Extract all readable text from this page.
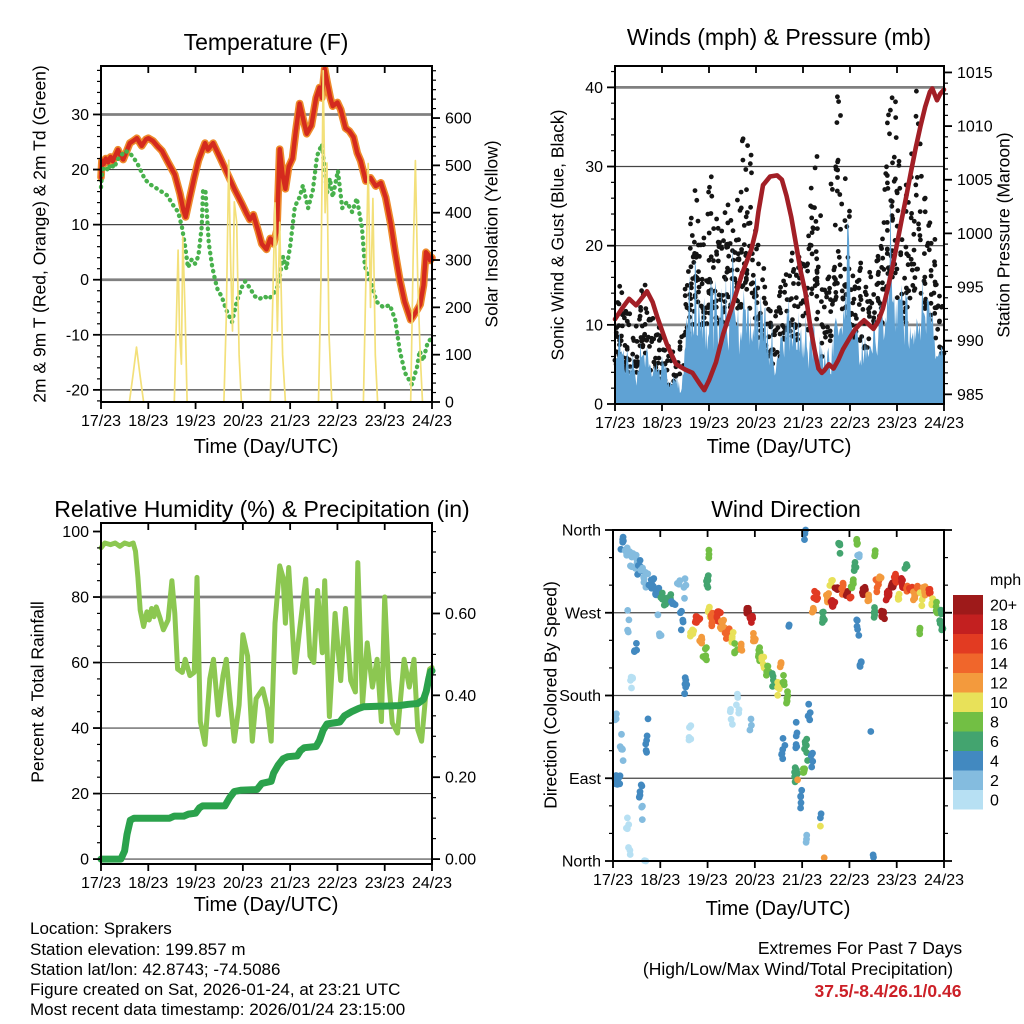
17/23 18/23 19/23 20/23 21/23 22/23 23/23 24/23
-20
-10
0
10
20
30
0
100
200
300
400
500
600
17/23 18/23 19/23 20/23 21/23 22/23 23/23 24/23
0
10
20
30
40
985
990
995
1000
1005
1010
1015
17/23 18/23 19/23 20/23 21/23 22/23 23/23 24/23
0
20
40
60
80
100
0.00
0.20
0.40
0.60
17/23 18/23 19/23 20/23 21/23 22/23 23/23 24/23
North
West
South
East
North
20+
18
16
14
12
10
8
6
4
2
0
Temperature (F)	Winds (mph) & Pressure (mb)
Relative Humidity (%) & Precipitation (in)	Wind Direction
Time (Day/UTC)	Time (Day/UTC)
Time (Day/UTC)	Time (Day/UTC)
2m & 9m T (Red, Orange) & 2m Td (Green)	Solar Insolation (Yellow)	Sonic Wind & Gust (Blue, Black)	Station Pressure (Maroon)
Percent & Total Rainfall	Direction (Colored By Speed)
mph
Location: Sprakers
Station elevation: 199.857 m
Station lat/lon: 42.8743; -74.5086
Figure created on Sat, 2026-01-24, at 23:21 UTC
Most recent data timestamp: 2026/01/24 23:15:00
Extremes For Past 7 Days
(High/Low/Max Wind/Total Precipitation)
37.5/-8.4/26.1/0.46
